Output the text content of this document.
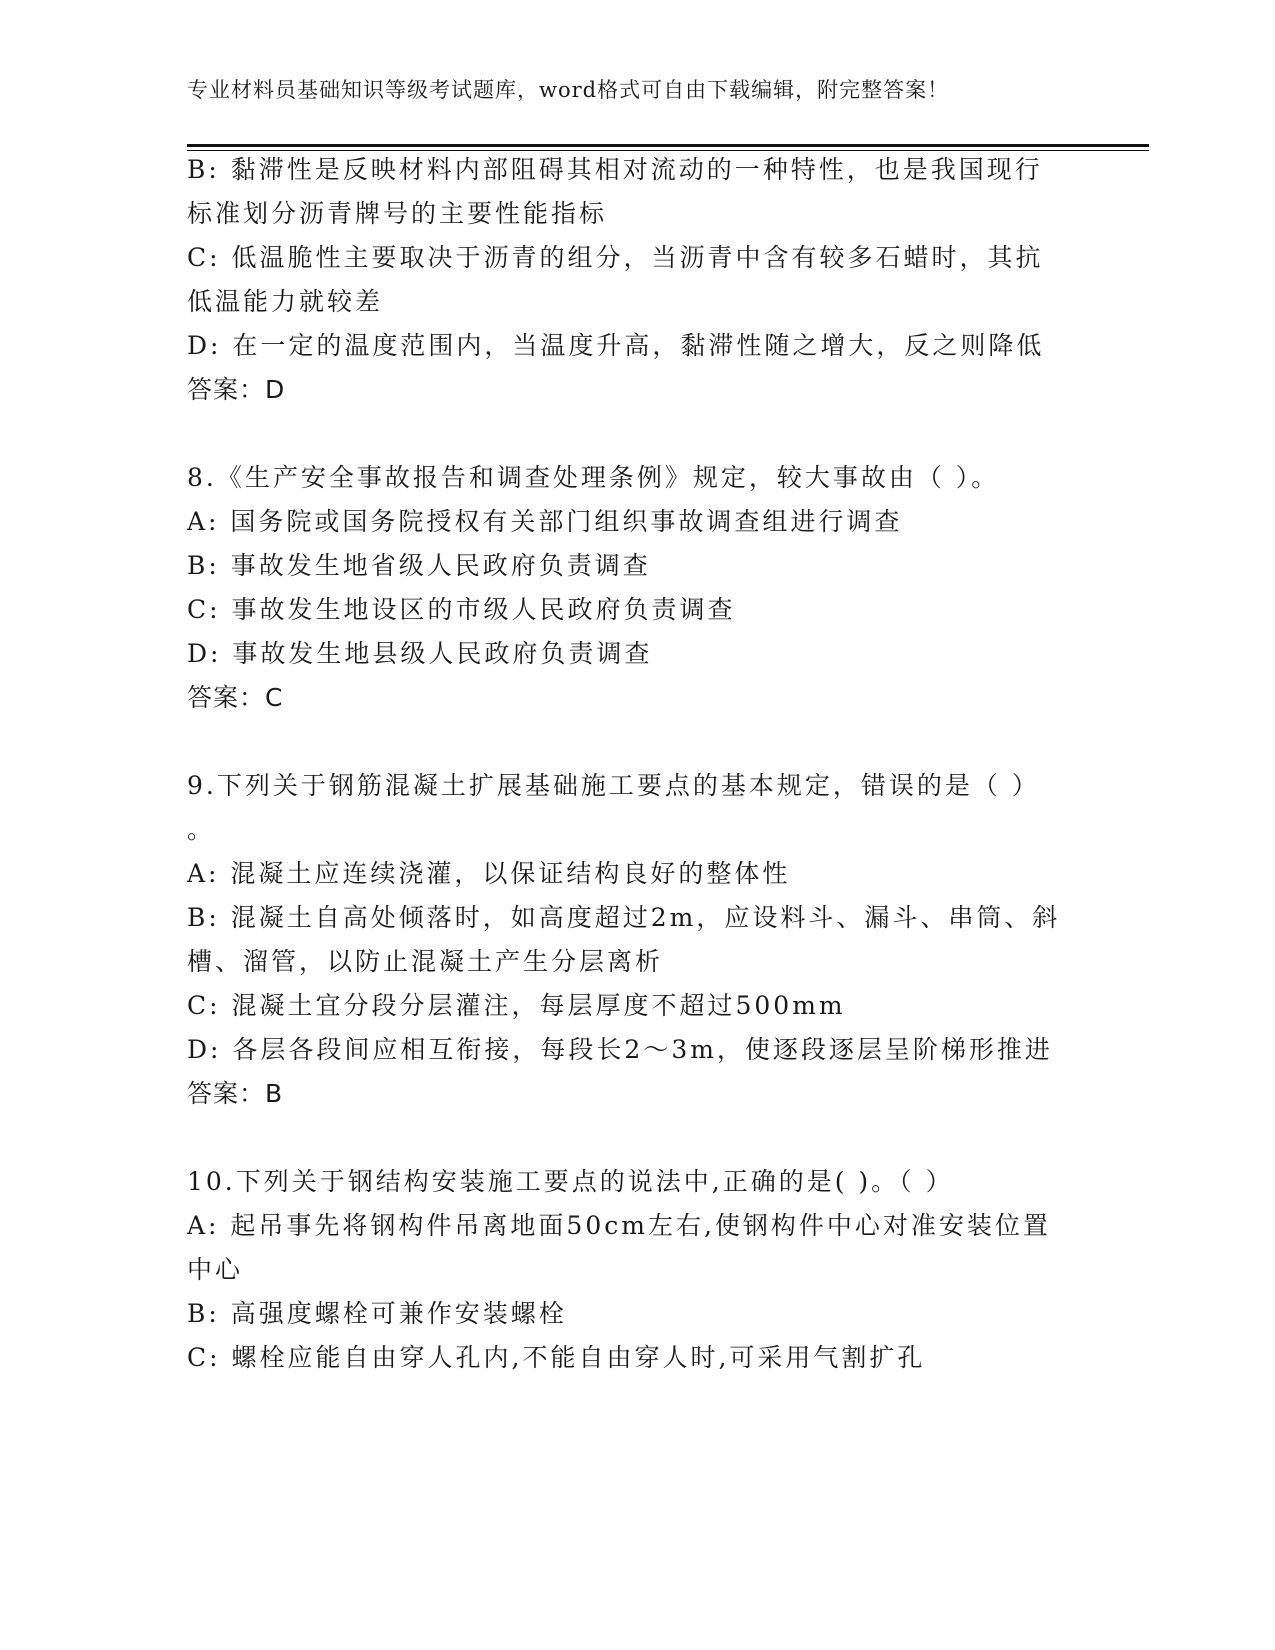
专业材料员基础知识等级考试题库，word格式可自由下载编辑，附完整答案！
B: 黏滞性是反映材料内部阻碍其相对流动的一种特性，也是我国现行
标准划分沥青牌号的主要性能指标
C: 低温脆性主要取决于沥青的组分，当沥青中含有较多石蜡时，其抗
低温能力就较差
D: 在一定的温度范围内，当温度升高，黏滞性随之增大，反之则降低
答案：D
8.《生产安全事故报告和调查处理条例》规定，较大事故由（ ）。
A: 国务院或国务院授权有关部门组织事故调查组进行调查
B: 事故发生地省级人民政府负责调查
C: 事故发生地设区的市级人民政府负责调查
D: 事故发生地县级人民政府负责调查
答案：C
9.下列关于钢筋混凝土扩展基础施工要点的基本规定，错误的是（ ）
。
A: 混凝土应连续浇灌，以保证结构良好的整体性
B: 混凝土自高处倾落时，如高度超过2m，应设料斗、漏斗、串筒、斜
槽、溜管，以防止混凝土产生分层离析
C: 混凝土宜分段分层灌注，每层厚度不超过500mm
D: 各层各段间应相互衔接，每段长2～3m，使逐段逐层呈阶梯形推进
答案：B
10.下列关于钢结构安装施工要点的说法中,正确的是( )。（ ）
A: 起吊事先将钢构件吊离地面50cm左右,使钢构件中心对准安装位置
中心
B: 高强度螺栓可兼作安装螺栓
C: 螺栓应能自由穿人孔内,不能自由穿人时,可采用气割扩孔
